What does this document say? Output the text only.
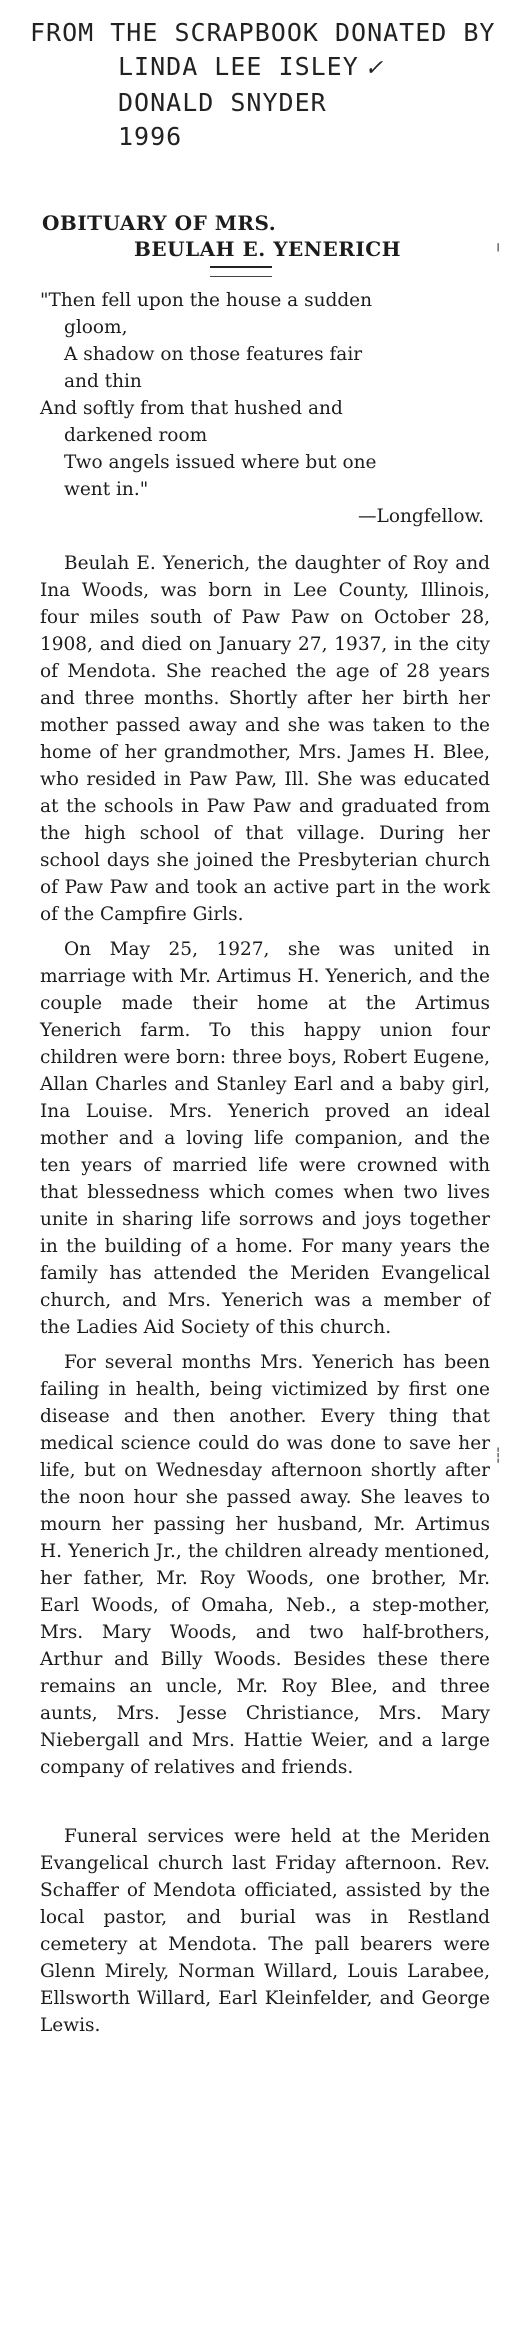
FROM THE SCRAPBOOK DONATED BY
LINDA LEE ISLEY ✓
DONALD SNYDER
1996
OBITUARY OF MRS.
BEULAH E. YENERICH
"Then fell upon the house a sudden
gloom,
A shadow on those features fair
and thin
And softly from that hushed and
darkened room
Two angels issued where but one
went in."
—Longfellow.

Beulah E. Yenerich, the daughter of Roy and Ina Woods, was born in Lee County, Illinois, four miles south of Paw Paw on October 28, 1908, and died on January 27, 1937, in the city of Mendota. She reached the age of 28 years and three months. Shortly after her birth her mother passed away and she was taken to the home of her grandmother, Mrs. James H. Blee, who resided in Paw Paw, Ill. She was educated at the schools in Paw Paw and graduated from the high school of that village. During her school days she joined the Presbyterian church of Paw Paw and took an active part in the work of the Campfire Girls.

On May 25, 1927, she was united in marriage with Mr. Artimus H. Yenerich, and the couple made their home at the Artimus Yenerich farm. To this happy union four children were born: three boys, Robert Eugene, Allan Charles and Stanley Earl and a baby girl, Ina Louise. Mrs. Yenerich proved an ideal mother and a loving life companion, and the ten years of married life were crowned with that blessedness which comes when two lives unite in sharing life sorrows and joys together in the building of a home. For many years the family has attended the Meriden Evangelical church, and Mrs. Yenerich was a member of the Ladies Aid Society of this church.

For several months Mrs. Yenerich has been failing in health, being victimized by first one disease and then another. Every thing that medical science could do was done to save her life, but on Wednesday afternoon shortly after the noon hour she passed away. She leaves to mourn her passing her husband, Mr. Artimus H. Yenerich Jr., the children already mentioned, her father, Mr. Roy Woods, one brother, Mr. Earl Woods, of Omaha, Neb., a step-mother, Mrs. Mary Woods, and two half-brothers, Arthur and Billy Woods. Besides these there remains an uncle, Mr. Roy Blee, and three aunts, Mrs. Jesse Christiance, Mrs. Mary Niebergall and Mrs. Hattie Weier, and a large company of relatives and friends.

Funeral services were held at the Meriden Evangelical church last Friday afternoon. Rev. Schaffer of Mendota officiated, assisted by the local pastor, and burial was in Restland cemetery at Mendota. The pall bearers were Glenn Mirely, Norman Willard, Louis Larabee, Ellsworth Willard, Earl Kleinfelder, and George Lewis.

╷
┆
